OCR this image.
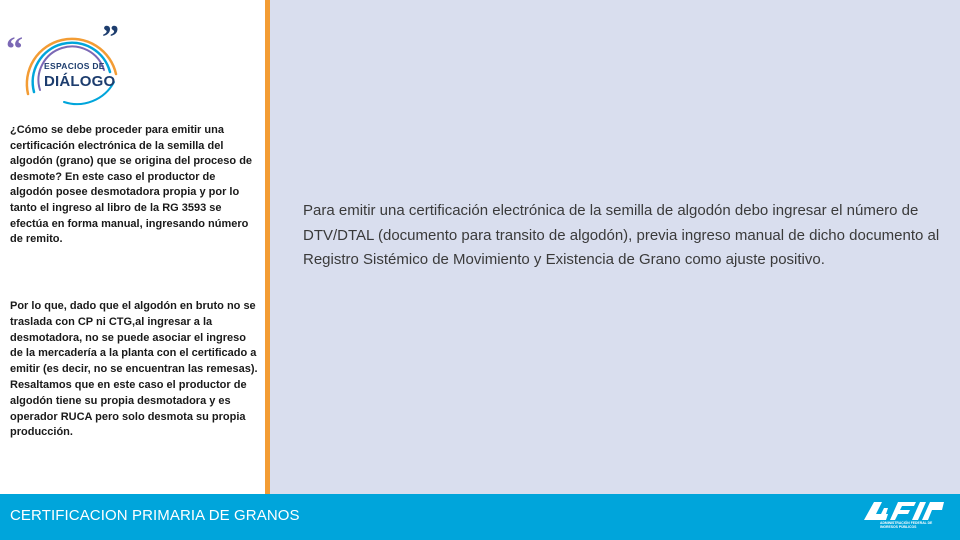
“ ”
ESPACIOS DE
DIÁLOGO

¿Cómo se debe proceder para emitir una certificación electrónica de la semilla del algodón (grano) que se origina del proceso de desmote? En este caso el productor de algodón posee desmotadora propia y por lo tanto el ingreso al libro de la RG 3593 se efectúa en forma manual, ingresando número de remito.

Por lo que, dado que el algodón en bruto no se traslada con CP ni CTG,al ingresar a la desmotadora, no se puede asociar el ingreso de la mercadería a la planta con el certificado a emitir (es decir, no se encuentran las remesas). Resaltamos que en este caso el productor de algodón tiene su propia desmotadora y es operador RUCA pero solo desmota su propia producción.

Para emitir una certificación electrónica de la semilla de algodón debo ingresar el número de DTV/DTAL (documento para transito de algodón), previa ingreso manual de dicho documento al Registro Sistémico de Movimiento y Existencia de Grano como ajuste positivo.

CERTIFICACION PRIMARIA DE GRANOS	ADMINISTRACIÓN FEDERAL DE INGRESOS PÚBLICOS
